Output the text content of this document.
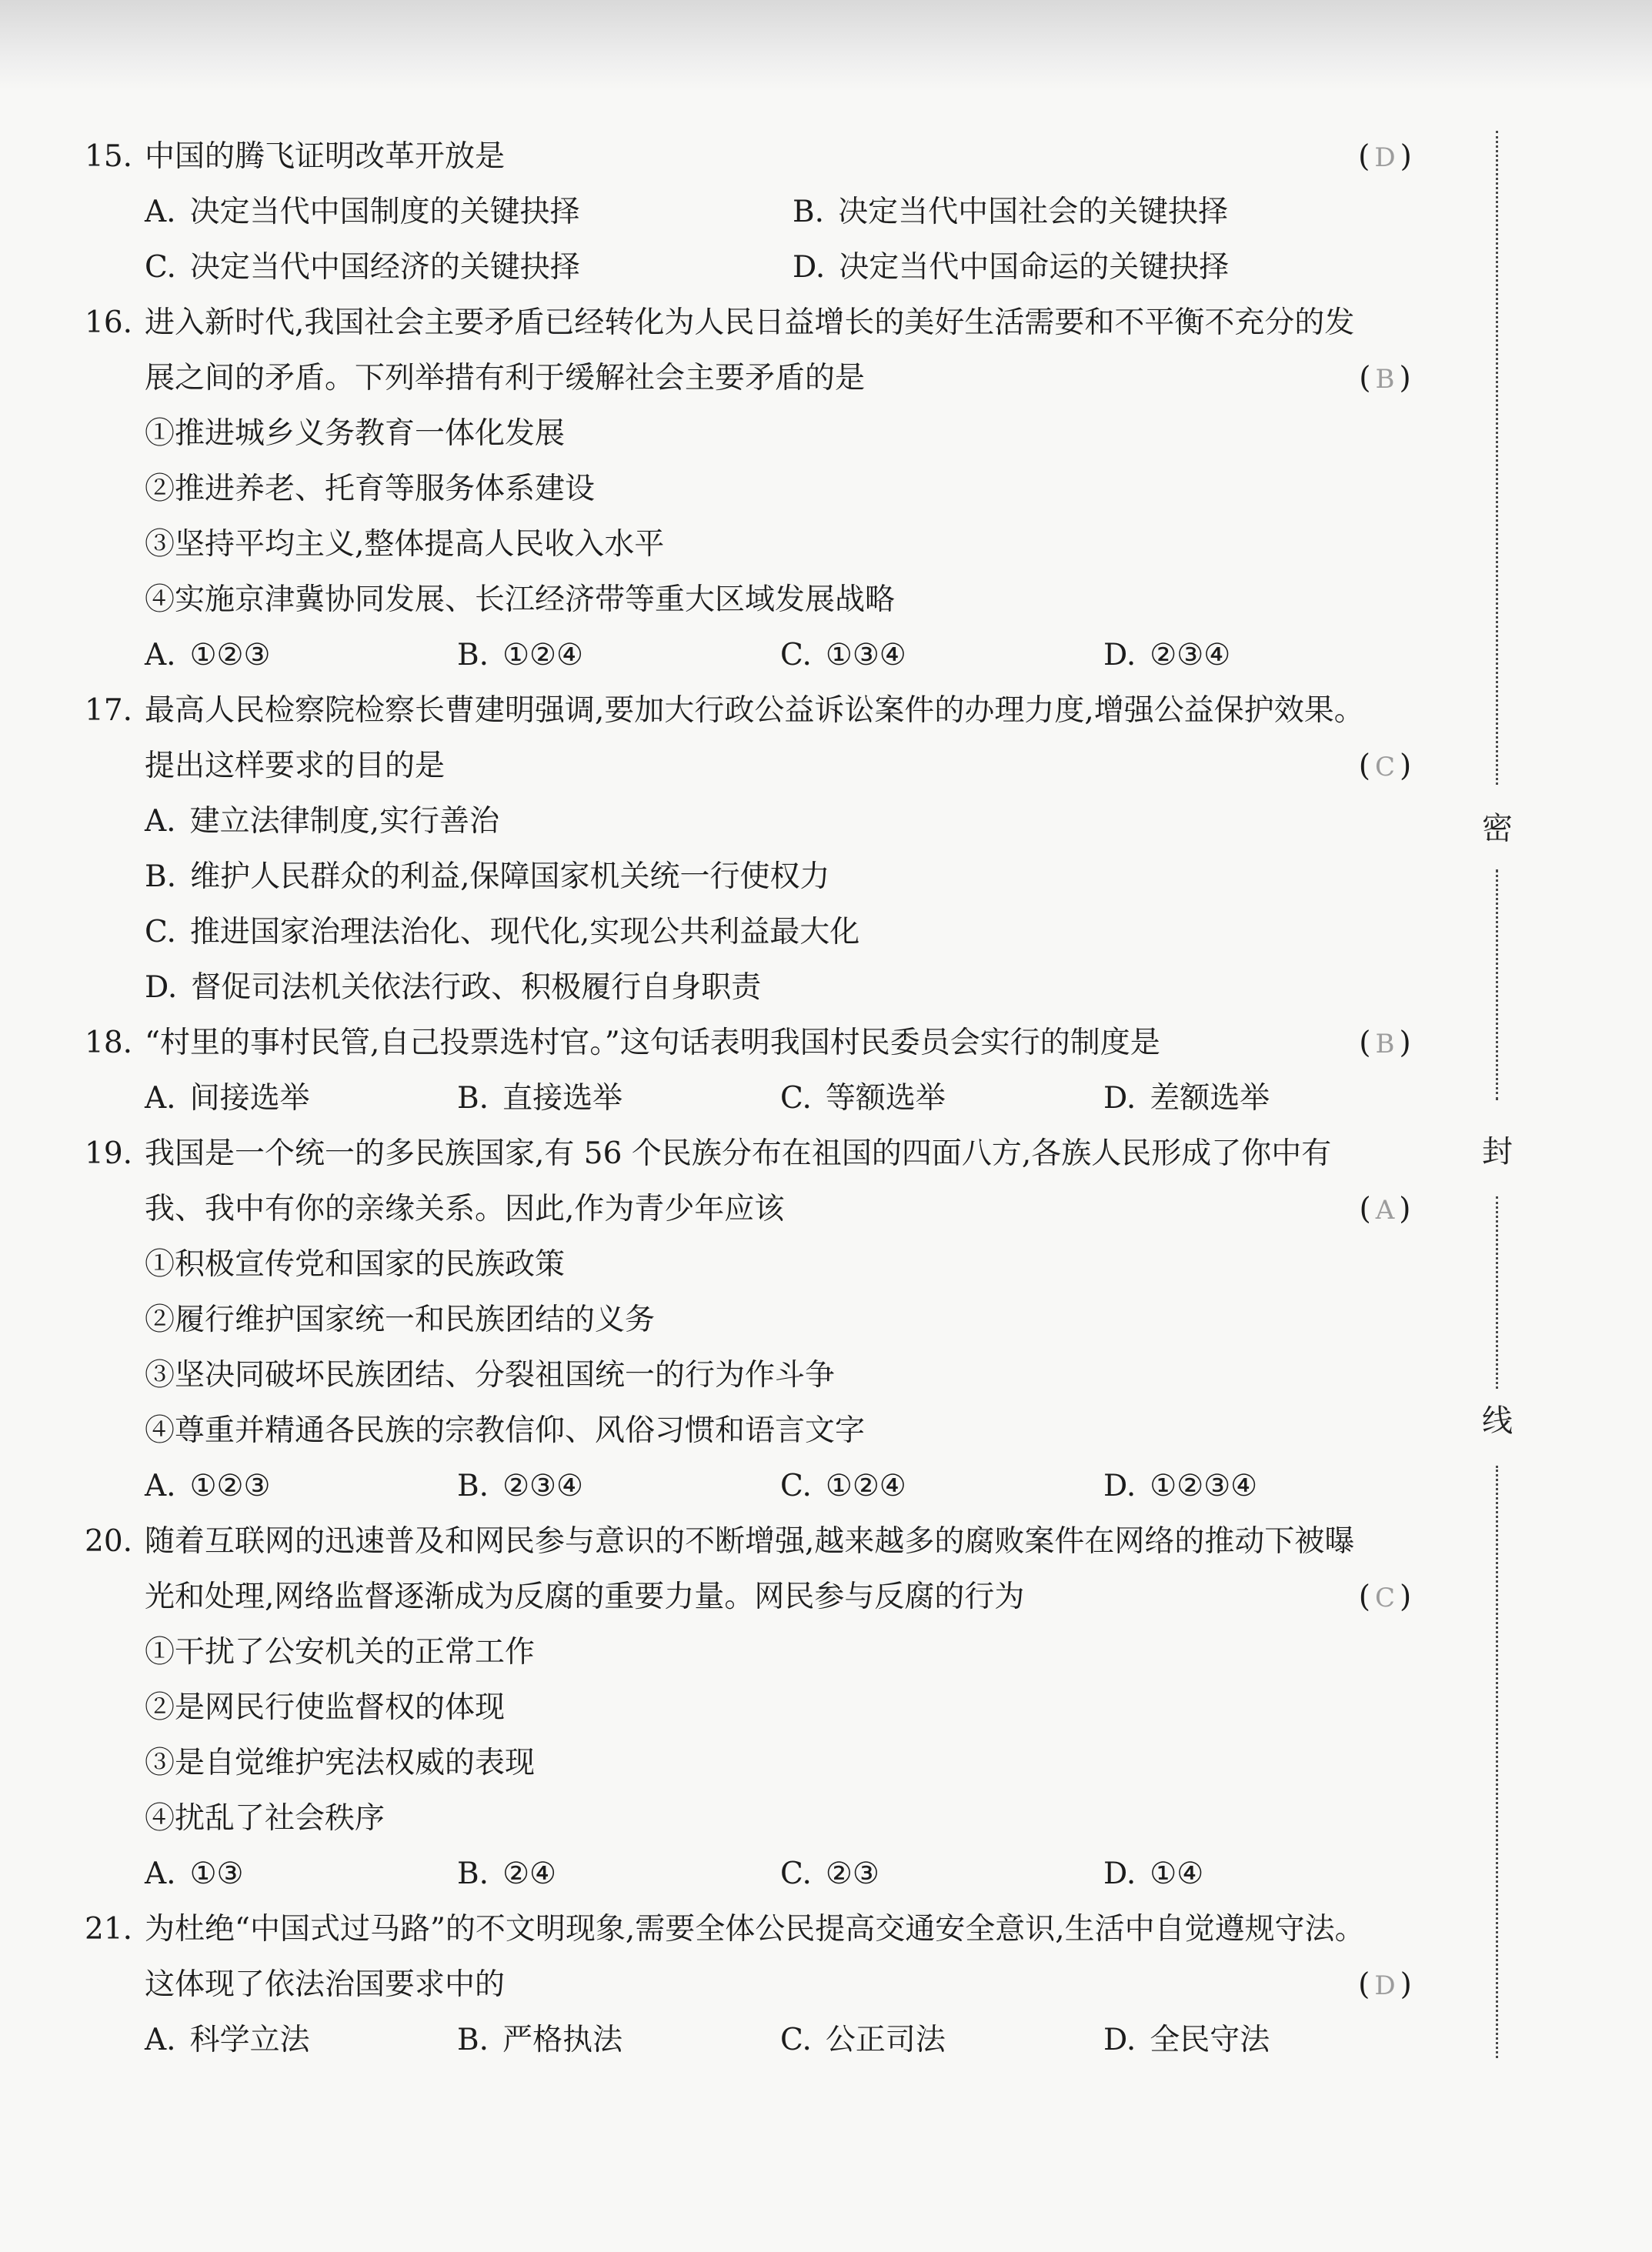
15. 中国的腾飞证明改革开放是	( D )
A. 决定当代中国制度的关键抉择	B. 决定当代中国社会的关键抉择
C. 决定当代中国经济的关键抉择	D. 决定当代中国命运的关键抉择
16. 进入新时代,我国社会主要矛盾已经转化为人民日益增长的美好生活需要和不平衡不充分的发
展之间的矛盾。下列举措有利于缓解社会主要矛盾的是	( B )
①推进城乡义务教育一体化发展
②推进养老、托育等服务体系建设
③坚持平均主义,整体提高人民收入水平
④实施京津冀协同发展、长江经济带等重大区域发展战略
A. ①②③	B. ①②④	C. ①③④	D. ②③④
17. 最高人民检察院检察长曹建明强调,要加大行政公益诉讼案件的办理力度,增强公益保护效果。
提出这样要求的目的是	( C )
A. 建立法律制度,实行善治
B. 维护人民群众的利益,保障国家机关统一行使权力
C. 推进国家治理法治化、现代化,实现公共利益最大化
D. 督促司法机关依法行政、积极履行自身职责
18. “村里的事村民管,自己投票选村官。”这句话表明我国村民委员会实行的制度是	( B )
A. 间接选举	B. 直接选举	C. 等额选举	D. 差额选举
19. 我国是一个统一的多民族国家,有 56 个民族分布在祖国的四面八方,各族人民形成了你中有
我、我中有你的亲缘关系。因此,作为青少年应该	( A )
①积极宣传党和国家的民族政策
②履行维护国家统一和民族团结的义务
③坚决同破坏民族团结、分裂祖国统一的行为作斗争
④尊重并精通各民族的宗教信仰、风俗习惯和语言文字
A. ①②③	B. ②③④	C. ①②④	D. ①②③④
20. 随着互联网的迅速普及和网民参与意识的不断增强,越来越多的腐败案件在网络的推动下被曝
光和处理,网络监督逐渐成为反腐的重要力量。网民参与反腐的行为	( C )
①干扰了公安机关的正常工作
②是网民行使监督权的体现
③是自觉维护宪法权威的表现
④扰乱了社会秩序
A. ①③	B. ②④	C. ②③	D. ①④
21. 为杜绝“中国式过马路”的不文明现象,需要全体公民提高交通安全意识,生活中自觉遵规守法。
这体现了依法治国要求中的	( D )
A. 科学立法	B. 严格执法	C. 公正司法	D. 全民守法
密
封
线
